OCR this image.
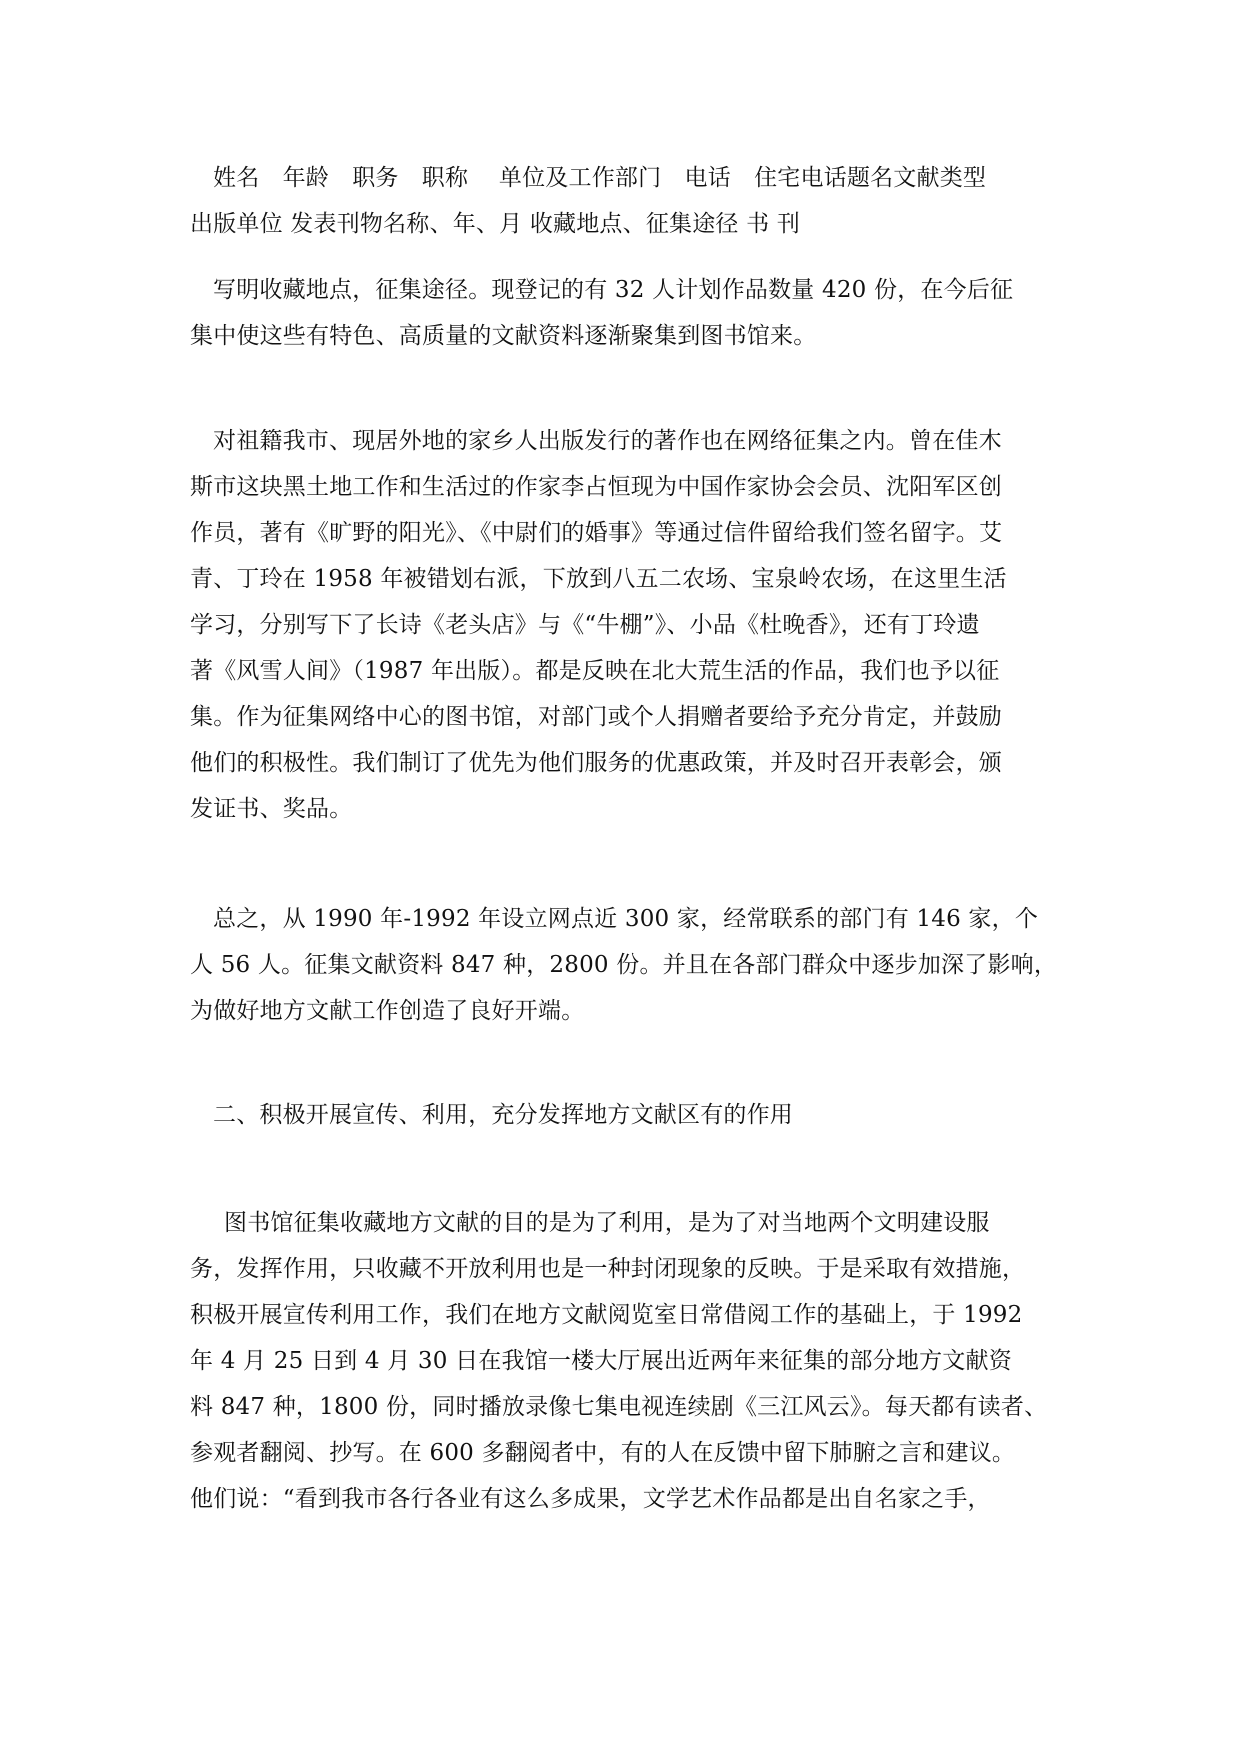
姓名　年龄　职务　职称　 单位及工作部门　电话　住宅电话题名文献类型
出版单位 发表刊物名称、年、月 收藏地点、征集途径 书 刊
写明收藏地点，征集途径。现登记的有 32 人计划作品数量 420 份，在今后征
集中使这些有特色、高质量的文献资料逐渐聚集到图书馆来。
对祖籍我市、现居外地的家乡人出版发行的著作也在网络征集之内。曾在佳木
斯市这块黑土地工作和生活过的作家李占恒现为中国作家协会会员、沈阳军区创
作员，著有《旷野的阳光》、《中尉们的婚事》等通过信件留给我们签名留字。艾
青、丁玲在 1958 年被错划右派，下放到八五二农场、宝泉岭农场，在这里生活
学习，分别写下了长诗《老头店》与《“牛棚”》、小品《杜晚香》，还有丁玲遗
著《风雪人间》（1987 年出版）。都是反映在北大荒生活的作品，我们也予以征
集。作为征集网络中心的图书馆，对部门或个人捐赠者要给予充分肯定，并鼓励
他们的积极性。我们制订了优先为他们服务的优惠政策，并及时召开表彰会，颁
发证书、奖品。
总之，从 1990 年-1992 年设立网点近 300 家，经常联系的部门有 146 家，个
人 56 人。征集文献资料 847 种，2800 份。并且在各部门群众中逐步加深了影响，
为做好地方文献工作创造了良好开端。
二、积极开展宣传、利用，充分发挥地方文献区有的作用
图书馆征集收藏地方文献的目的是为了利用，是为了对当地两个文明建设服
务，发挥作用，只收藏不开放利用也是一种封闭现象的反映。于是采取有效措施，
积极开展宣传利用工作，我们在地方文献阅览室日常借阅工作的基础上，于 1992
年 4 月 25 日到 4 月 30 日在我馆一楼大厅展出近两年来征集的部分地方文献资
料 847 种，1800 份，同时播放录像七集电视连续剧《三江风云》。每天都有读者、
参观者翻阅、抄写。在 600 多翻阅者中，有的人在反馈中留下肺腑之言和建议。
他们说：“看到我市各行各业有这么多成果，文学艺术作品都是出自名家之手，
